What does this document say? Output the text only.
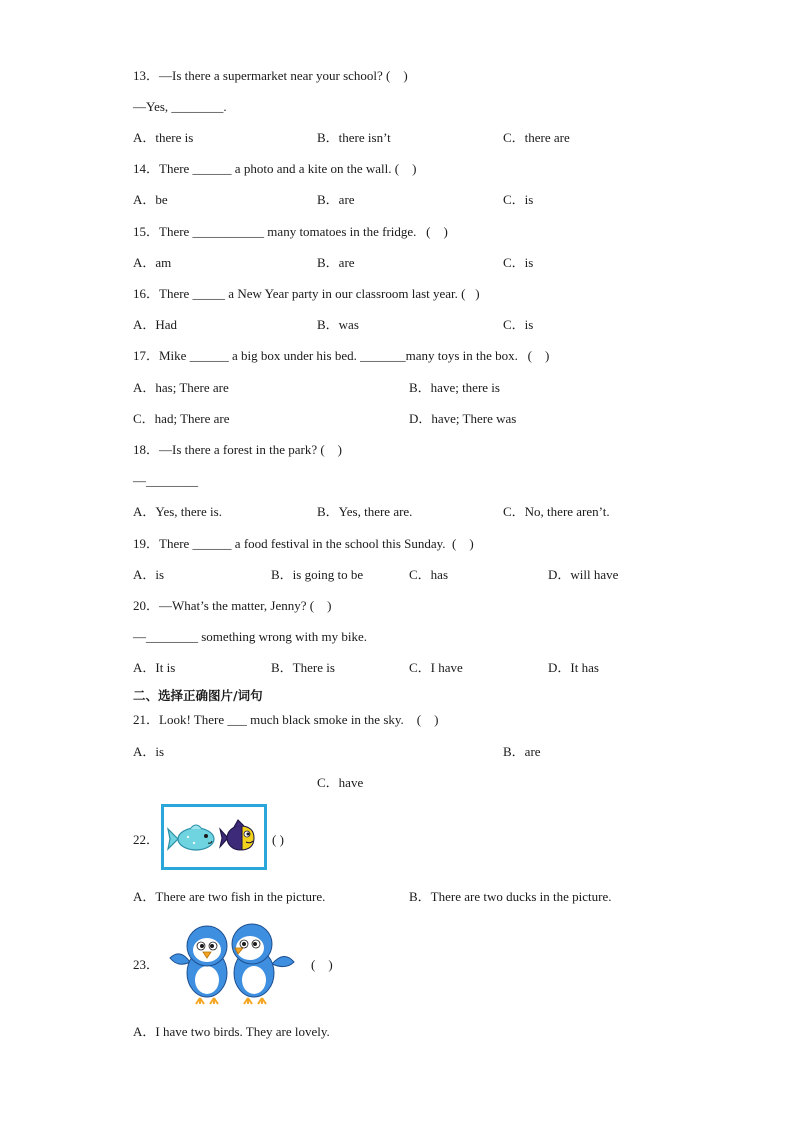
13．—Is there a supermarket near your school? (    )
—Yes, ________.
A．there is	B．there isn’t	C．there are
14．There ______ a photo and a kite on the wall. (    )
A．be	B．are	C．is
15．There ___________ many tomatoes in the fridge.   (    )
A．am	B．are	C．is
16．There _____ a New Year party in our classroom last year. (   )
A．Had	B．was	C．is
17．Mike ______ a big box under his bed. _______many toys in the box.   (    )
A．has; There are	B．have; there is
C．had; There are	D．have; There was
18．—Is there a forest in the park? (    )
—________
A．Yes, there is.	B．Yes, there are.	C．No, there aren’t.
19．There ______ a food festival in the school this Sunday.  (    )
A．is	B．is going to be	C．has	D．will have
20．—What’s the matter, Jenny? (    )
—________ something wrong with my bike.
A．It is	B．There is	C．I have	D．It has
二、选择正确图片/词句
21．Look! There ___ much black smoke in the sky.    (    )
A．is	B．are
C．have
22．	( )
A．There are two fish in the picture.	B．There are two ducks in the picture.
23．	(    )
A．I have two birds. They are lovely.
